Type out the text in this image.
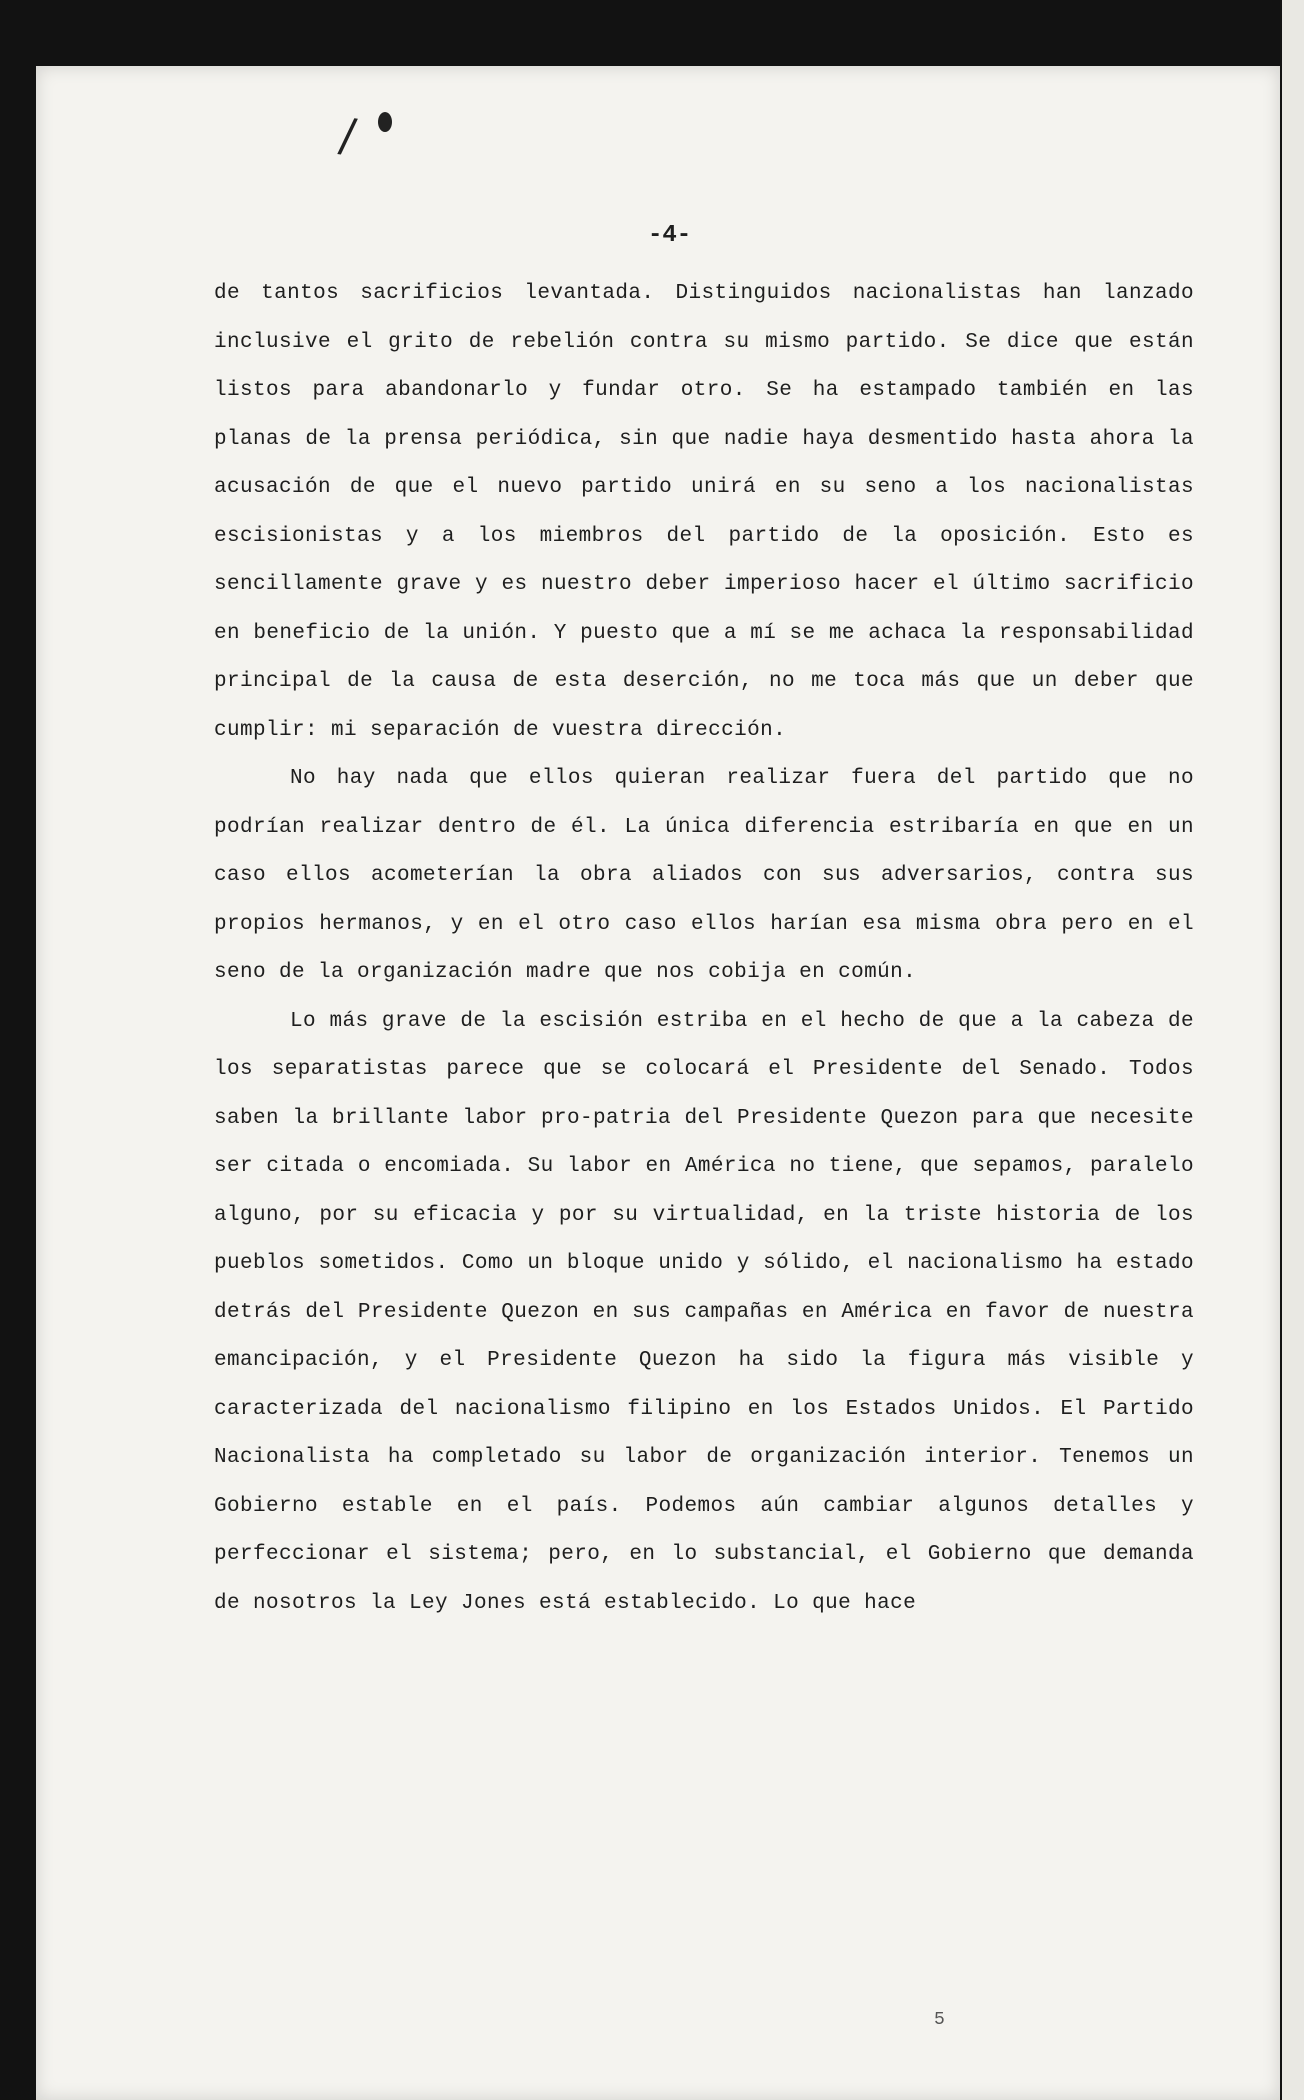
/
-4-

de tantos sacrificios levantada. Distinguidos nacionalistas han lanzado inclusive el grito de rebelión contra su mismo partido. Se dice que están listos para abandonarlo y fundar otro. Se ha estampado también en las planas de la prensa periódica, sin que nadie haya desmentido hasta ahora la acusación de que el nuevo partido unirá en su seno a los nacionalistas escisionistas y a los miembros del partido de la oposición. Esto es sencillamente grave y es nuestro deber imperioso hacer el último sacrificio en beneficio de la unión. Y puesto que a mí se me achaca la responsabilidad principal de la causa de esta deserción, no me toca más que un deber que cumplir: mi separación de vuestra dirección.

No hay nada que ellos quieran realizar fuera del partido que no podrían realizar dentro de él. La única diferencia estribaría en que en un caso ellos acometerían la obra aliados con sus adversarios, contra sus propios hermanos, y en el otro caso ellos harían esa misma obra pero en el seno de la organización madre que nos cobija en común.

Lo más grave de la escisión estriba en el hecho de que a la cabeza de los separatistas parece que se colocará el Presidente del Senado. Todos saben la brillante labor pro-patria del Presidente Quezon para que necesite ser citada o encomiada. Su labor en América no tiene, que sepamos, paralelo alguno, por su eficacia y por su virtualidad, en la triste historia de los pueblos sometidos. Como un bloque unido y sólido, el nacionalismo ha estado detrás del Presidente Quezon en sus campañas en América en favor de nuestra emancipación, y el Presidente Quezon ha sido la figura más visible y caracterizada del nacionalismo filipino en los Estados Unidos. El Partido Nacionalista ha completado su labor de organización interior. Tenemos un Gobierno estable en el país. Podemos aún cambiar algunos detalles y perfeccionar el sistema; pero, en lo substancial, el Gobierno que demanda de nosotros la Ley Jones está establecido. Lo que hace

5
